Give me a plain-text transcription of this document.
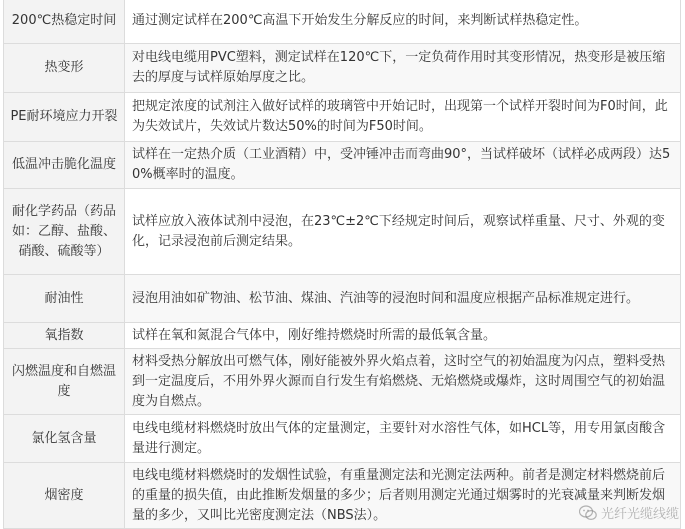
200℃热稳定时间	通过测定试样在200℃高温下开始发生分解反应的时间，来判断试样热稳定性。
热变形	对电线电缆用PVC塑料，测定试样在120℃下，一定负荷作用时其变形情况，热变形是被压缩去的厚度与试样原始厚度之比。
PE耐环境应力开裂	把规定浓度的试剂注入做好试样的玻璃管中开始记时，出现第一个试样开裂时间为F0时间，此为失效试片，失效试片数达50%的时间为F50时间。
低温冲击脆化温度	试样在一定热介质（工业酒精）中，受冲锤冲击而弯曲90°，当试样破坏（试样必成两段）达50%概率时的温度。
耐化学药品（药品如：乙醇、盐酸、硝酸、硫酸等）	试样应放入液体试剂中浸泡，在23℃±2℃下经规定时间后，观察试样重量、尺寸、外观的变化，记录浸泡前后测定结果。
耐油性	浸泡用油如矿物油、松节油、煤油、汽油等的浸泡时间和温度应根据产品标准规定进行。
氧指数	试样在氧和氮混合气体中，刚好维持燃烧时所需的最低氧含量。
闪燃温度和自燃温度	材料受热分解放出可燃气体，刚好能被外界火焰点着，这时空气的初始温度为闪点，塑料受热到一定温度后，不用外界火源而自行发生有焰燃烧、无焰燃烧或爆炸，这时周围空气的初始温度为自燃点。
氯化氢含量	电线电缆材料燃烧时放出气体的定量测定，主要针对水溶性气体，如HCL等，用专用氯卤酸含量进行测定。
烟密度	电线电缆材料燃烧时的发烟性试验，有重量测定法和光测定法两种。前者是测定材料燃烧前后的重量的损失值，由此推断发烟量的多少；后者则用测定光通过烟雾时的光衰减量来判断发烟量的多少，又叫比光密度测定法（NBS法）。	光纤光缆线缆
